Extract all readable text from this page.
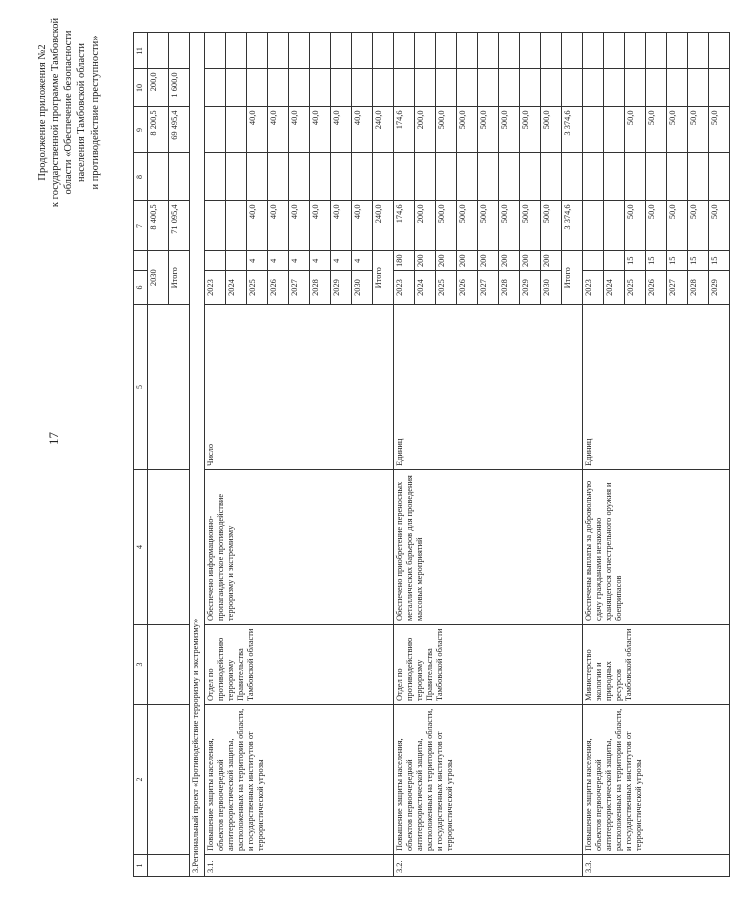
17
Продолжение приложения №2 к государственной программе Тамбовской области «Обеспечение безопасности населения Тамбовской области и противодействие преступности»
1	2	3	4	5	6		7	8	9	10	11
					2030		8 400,5		8 200,5	200,0	
					Итого		71 095,4		69 495,4	1 600,0	
3.Региональный проект «Противодействие терроризму и экстремизму»											
3.1.	Повышение защиты населения, объектов первоочередной антитеррористической защиты, расположенных на территории области, и государственных институтов от террористической угрозы	Отдел по противодействию терроризму Правительства Тамбовской области	Обеспечено информационно-пропагандистское противодействие терроризму и экстремизму	Число	2023						
					2024						
					2025	4	40,0		40,0		
					2026	4	40,0		40,0		
					2027	4	40,0		40,0		
					2028	4	40,0		40,0		
					2029	4	40,0		40,0		
					2030	4	40,0		40,0		
					Итого		240,0		240,0		
3.2.	Повышение защиты населения, объектов первоочередной антитеррористической защиты, расположенных на территории области, и государственных институтов от террористической угрозы	Отдел по противодействию терроризму Правительства Тамбовской области	Обеспечено приобретение переносных металлических барьеров для проведения массовых мероприятий	Единиц	2023	180	174,6		174,6		
					2024	200	200,0		200,0		
					2025	200	500,0		500,0		
					2026	200	500,0		500,0		
					2027	200	500,0		500,0		
					2028	200	500,0		500,0		
					2029	200	500,0		500,0		
					2030	200	500,0		500,0		
					Итого		3 374,6		3 374,6		
3.3.	Повышение защиты населения, объектов первоочередной антитеррористической защиты, расположенных на территории области, и государственных институтов от террористической угрозы	Министерство экологии и природных ресурсов Тамбовской области	Обеспечены выплаты за добровольную сдачу гражданами незаконно хранящегося огнестрельного оружия и боеприпасов	Единиц	2023						
					2024						
					2025	15	50,0		50,0		
					2026	15	50,0		50,0		
					2027	15	50,0		50,0		
					2028	15	50,0		50,0		
					2029	15	50,0		50,0		
